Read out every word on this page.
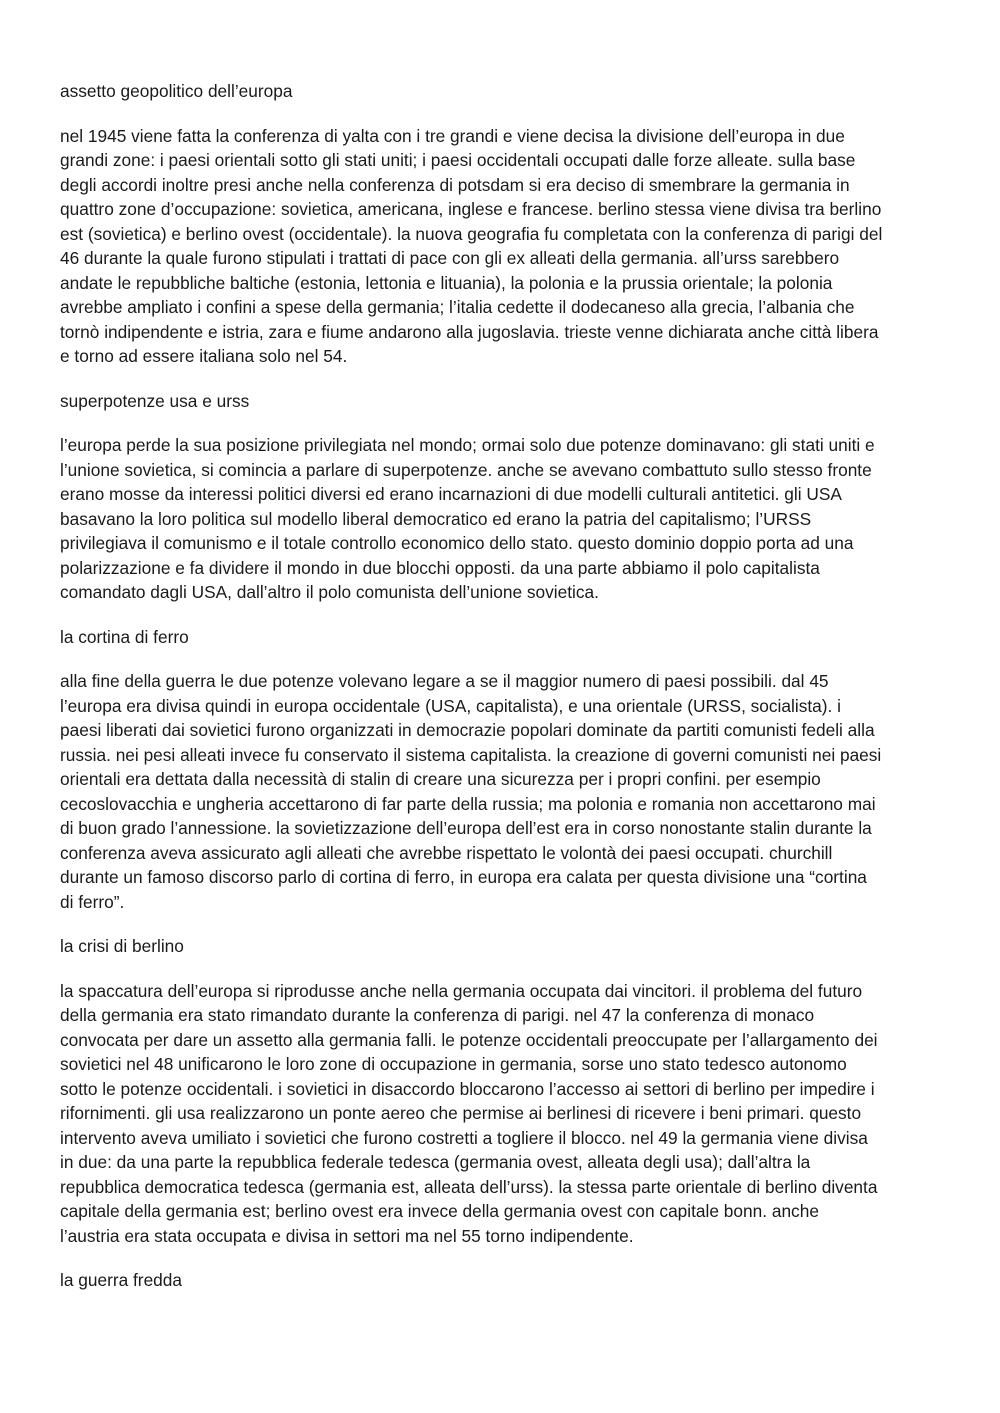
assetto geopolitico dell’europa
nel 1945 viene fatta la conferenza di yalta con i tre grandi e viene decisa la divisione dell’europa in due
grandi zone: i paesi orientali sotto gli stati uniti; i paesi occidentali occupati dalle forze alleate. sulla base
degli accordi inoltre presi anche nella conferenza di potsdam si era deciso di smembrare la germania in
quattro zone d’occupazione: sovietica, americana, inglese e francese. berlino stessa viene divisa tra berlino
est (sovietica) e berlino ovest (occidentale). la nuova geografia fu completata con la conferenza di parigi del
46 durante la quale furono stipulati i trattati di pace con gli ex alleati della germania. all’urss sarebbero
andate le repubbliche baltiche (estonia, lettonia e lituania), la polonia e la prussia orientale; la polonia
avrebbe ampliato i confini a spese della germania; l’italia cedette il dodecaneso alla grecia, l’albania che
tornò indipendente e istria, zara e fiume andarono alla jugoslavia. trieste venne dichiarata anche città libera
e torno ad essere italiana solo nel 54.
superpotenze usa e urss
l’europa perde la sua posizione privilegiata nel mondo; ormai solo due potenze dominavano: gli stati uniti e
l’unione sovietica, si comincia a parlare di superpotenze. anche se avevano combattuto sullo stesso fronte
erano mosse da interessi politici diversi ed erano incarnazioni di due modelli culturali antitetici. gli USA
basavano la loro politica sul modello liberal democratico ed erano la patria del capitalismo; l’URSS
privilegiava il comunismo e il totale controllo economico dello stato. questo dominio doppio porta ad una
polarizzazione e fa dividere il mondo in due blocchi opposti. da una parte abbiamo il polo capitalista
comandato dagli USA, dall’altro il polo comunista dell’unione sovietica.
la cortina di ferro
alla fine della guerra le due potenze volevano legare a se il maggior numero di paesi possibili. dal 45
l’europa era divisa quindi in europa occidentale (USA, capitalista), e una orientale (URSS, socialista). i
paesi liberati dai sovietici furono organizzati in democrazie popolari dominate da partiti comunisti fedeli alla
russia. nei pesi alleati invece fu conservato il sistema capitalista. la creazione di governi comunisti nei paesi
orientali era dettata dalla necessità di stalin di creare una sicurezza per i propri confini. per esempio
cecoslovacchia e ungheria accettarono di far parte della russia; ma polonia e romania non accettarono mai
di buon grado l’annessione. la sovietizzazione dell’europa dell’est era in corso nonostante stalin durante la
conferenza aveva assicurato agli alleati che avrebbe rispettato le volontà dei paesi occupati. churchill
durante un famoso discorso parlo di cortina di ferro, in europa era calata per questa divisione una “cortina
di ferro”.
la crisi di berlino
la spaccatura dell’europa si riprodusse anche nella germania occupata dai vincitori. il problema del futuro
della germania era stato rimandato durante la conferenza di parigi. nel 47 la conferenza di monaco
convocata per dare un assetto alla germania falli. le potenze occidentali preoccupate per l’allargamento dei
sovietici nel 48 unificarono le loro zone di occupazione in germania, sorse uno stato tedesco autonomo
sotto le potenze occidentali. i sovietici in disaccordo bloccarono l’accesso ai settori di berlino per impedire i
rifornimenti. gli usa realizzarono un ponte aereo che permise ai berlinesi di ricevere i beni primari. questo
intervento aveva umiliato i sovietici che furono costretti a togliere il blocco. nel 49 la germania viene divisa
in due: da una parte la repubblica federale tedesca (germania ovest, alleata degli usa); dall’altra la
repubblica democratica tedesca (germania est, alleata dell’urss). la stessa parte orientale di berlino diventa
capitale della germania est; berlino ovest era invece della germania ovest con capitale bonn. anche
l’austria era stata occupata e divisa in settori ma nel 55 torno indipendente.
la guerra fredda
